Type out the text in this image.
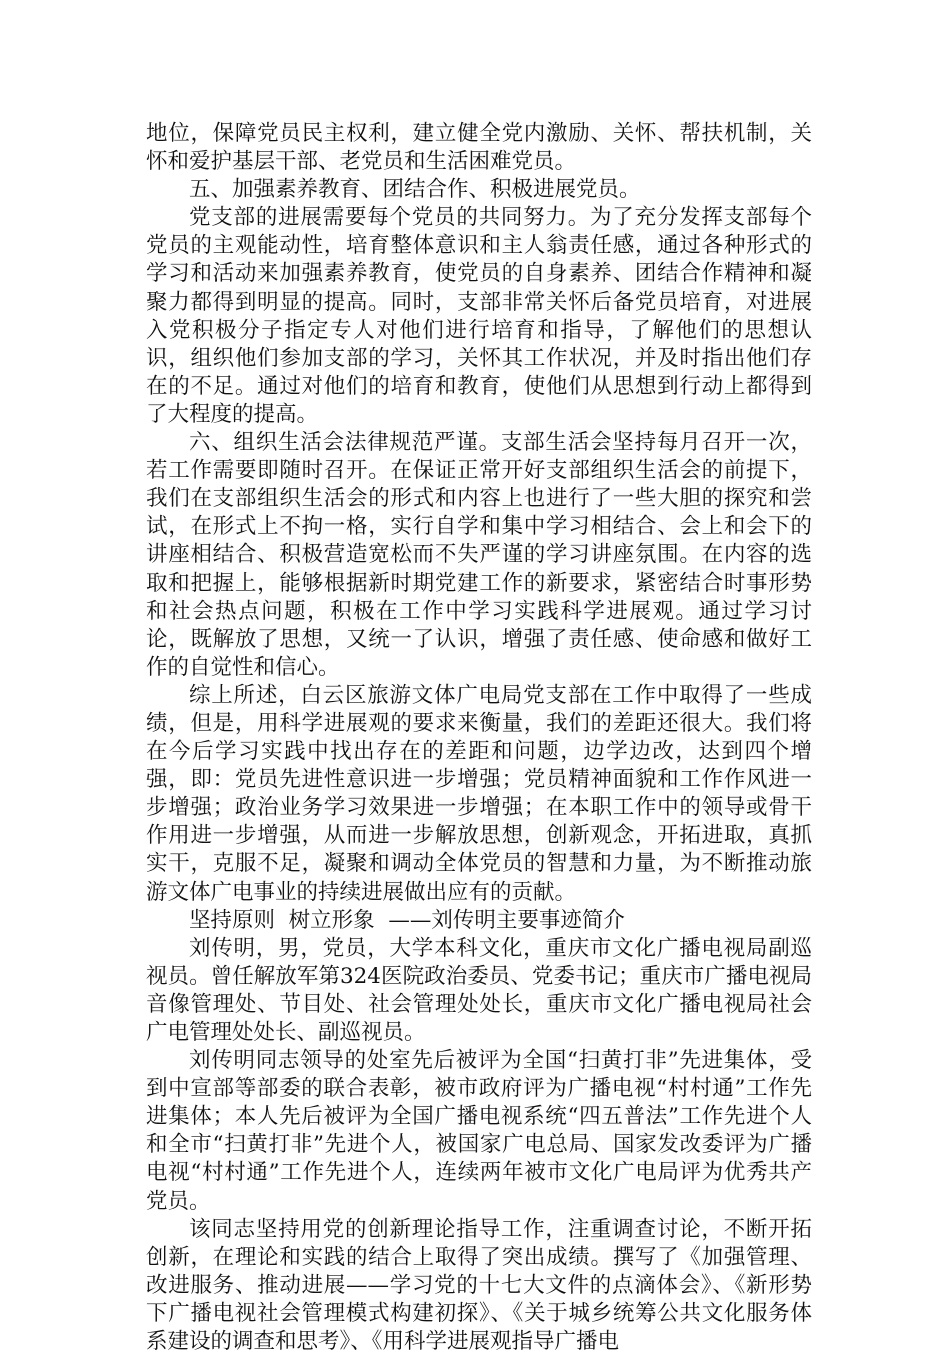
地位，保障党员民主权利，建立健全党内激励、关怀、帮扶机制，关怀和爱护基层干部、老党员和生活困难党员。

五、加强素养教育、团结合作、积极进展党员。

党支部的进展需要每个党员的共同努力。为了充分发挥支部每个党员的主观能动性，培育整体意识和主人翁责任感，通过各种形式的学习和活动来加强素养教育，使党员的自身素养、团结合作精神和凝聚力都得到明显的提高。同时，支部非常关怀后备党员培育，对进展入党积极分子指定专人对他们进行培育和指导，了解他们的思想认识，组织他们参加支部的学习，关怀其工作状况，并及时指出他们存在的不足。通过对他们的培育和教育，使他们从思想到行动上都得到了大程度的提高。

六、组织生活会法律规范严谨。支部生活会坚持每月召开一次，若工作需要即随时召开。在保证正常开好支部组织生活会的前提下，我们在支部组织生活会的形式和内容上也进行了一些大胆的探究和尝试，在形式上不拘一格，实行自学和集中学习相结合、会上和会下的讲座相结合、积极营造宽松而不失严谨的学习讲座氛围。在内容的选取和把握上，能够根据新时期党建工作的新要求，紧密结合时事形势和社会热点问题，积极在工作中学习实践科学进展观。通过学习讨论，既解放了思想，又统一了认识，增强了责任感、使命感和做好工作的自觉性和信心。

综上所述，白云区旅游文体广电局党支部在工作中取得了一些成绩，但是，用科学进展观的要求来衡量，我们的差距还很大。我们将在今后学习实践中找出存在的差距和问题，边学边改，达到四个增强，即：党员先进性意识进一步增强；党员精神面貌和工作作风进一步增强；政治业务学习效果进一步增强；在本职工作中的领导或骨干作用进一步增强，从而进一步解放思想，创新观念，开拓进取，真抓实干，克服不足，凝聚和调动全体党员的智慧和力量，为不断推动旅游文体广电事业的持续进展做出应有的贡献。

坚持原则  树立形象  ——刘传明主要事迹简介

刘传明，男，党员，大学本科文化，重庆市文化广播电视局副巡视员。曾任解放军第324医院政治委员、党委书记；重庆市广播电视局音像管理处、节目处、社会管理处处长，重庆市文化广播电视局社会广电管理处处长、副巡视员。

刘传明同志领导的处室先后被评为全国“扫黄打非”先进集体，受到中宣部等部委的联合表彰，被市政府评为广播电视“村村通”工作先进集体；本人先后被评为全国广播电视系统“四五普法”工作先进个人和全市“扫黄打非”先进个人，被国家广电总局、国家发改委评为广播电视“村村通”工作先进个人，连续两年被市文化广电局评为优秀共产党员。

该同志坚持用党的创新理论指导工作，注重调查讨论，不断开拓创新，在理论和实践的结合上取得了突出成绩。撰写了《加强管理、改进服务、推动进展——学习党的十七大文件的点滴体会》、《新形势下广播电视社会管理模式构建初探》、《关于城乡统筹公共文化服务体系建设的调查和思考》、《用科学进展观指导广播电
